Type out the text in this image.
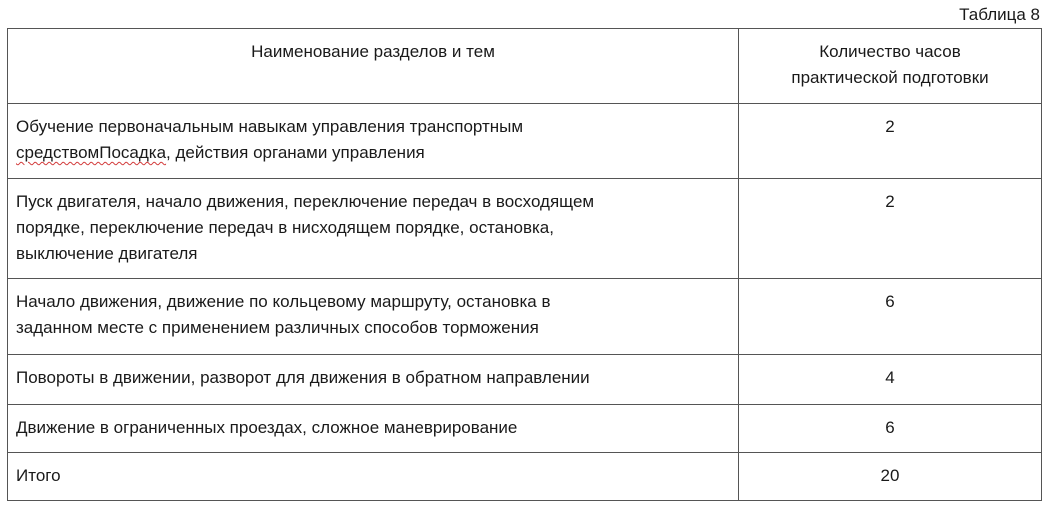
Таблица 8
Наименование разделов и тем	Количество часов
практической подготовки
Обучение первоначальным навыкам управления транспортным
средствомПосадка, действия органами управления	2
Пуск двигателя, начало движения, переключение передач в восходящем
порядке, переключение передач в нисходящем порядке, остановка,
выключение двигателя	2
Начало движения, движение по кольцевому маршруту, остановка в
заданном месте с применением различных способов торможения	6
Повороты в движении, разворот для движения в обратном направлении	4
Движение в ограниченных проездах, сложное маневрирование	6
Итого	20
